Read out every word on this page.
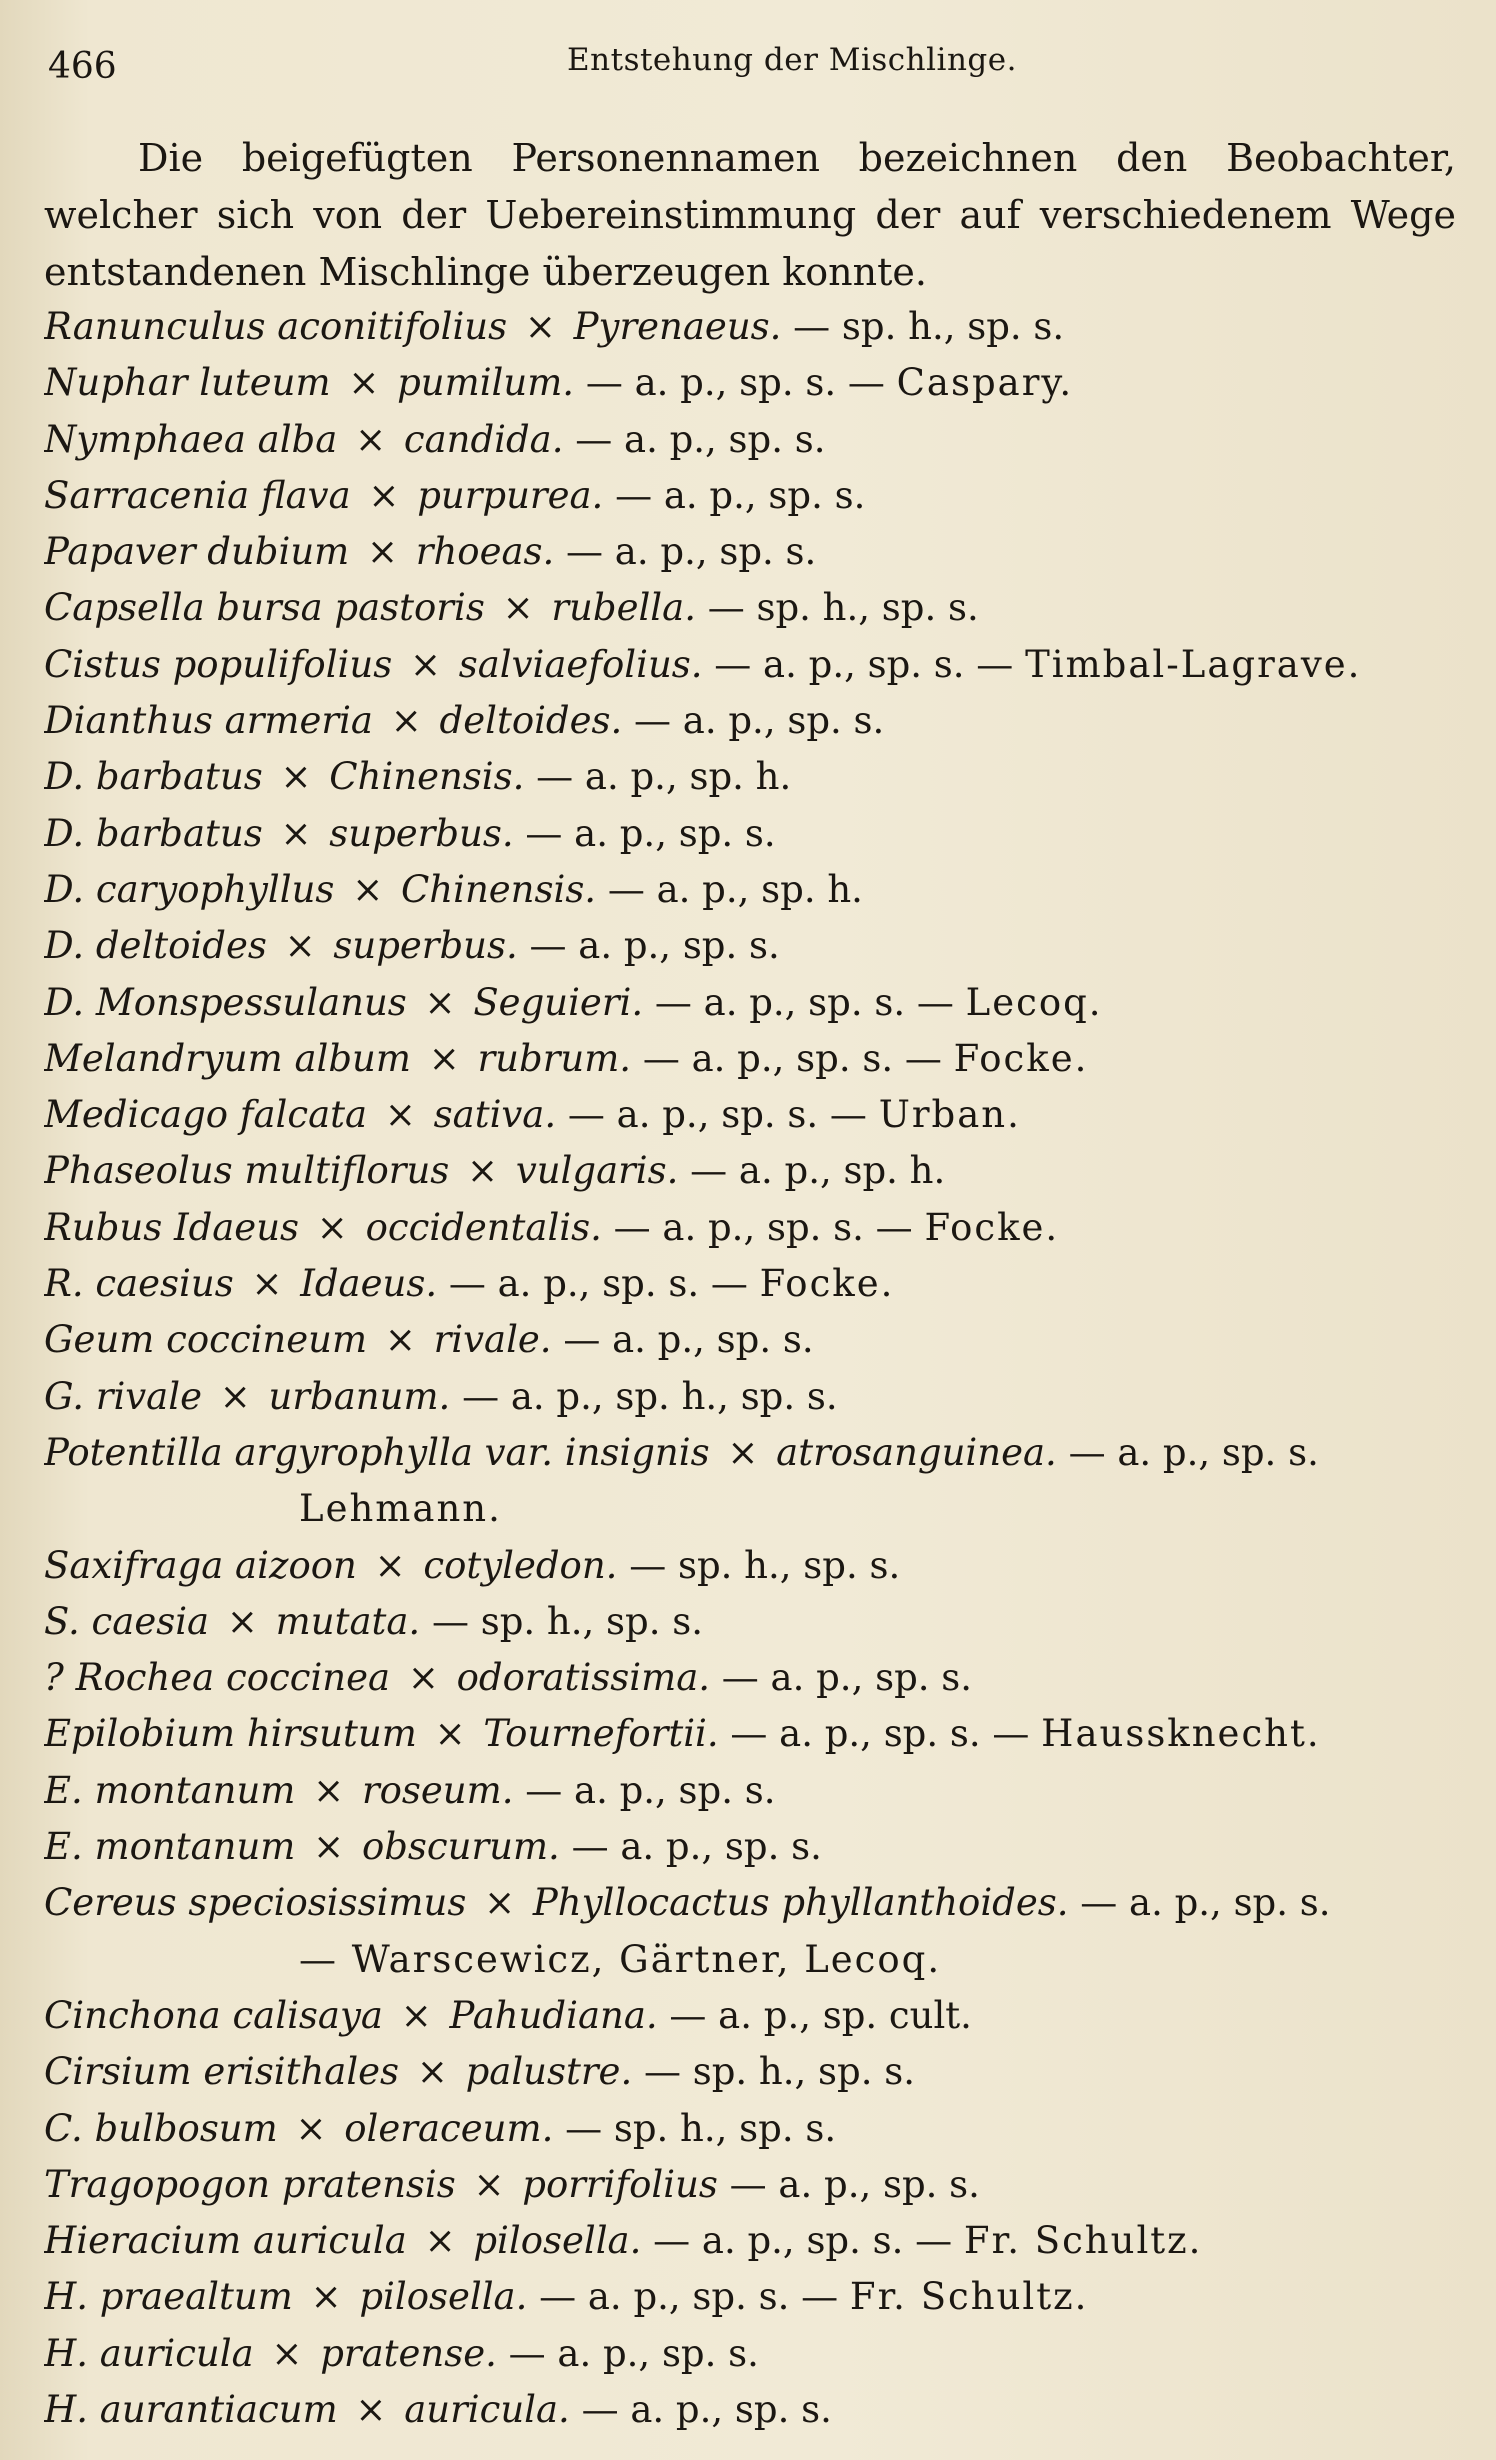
466	Entstehung der Mischlinge.

Die beigefügten Personennamen bezeichnen den Beobachter, welcher sich von der Uebereinstimmung der auf verschiedenem Wege entstandenen Mischlinge überzeugen konnte.

Ranunculus aconitifolius × Pyrenaeus. — sp. h., sp. s.
Nuphar luteum × pumilum. — a. p., sp. s. — Caspary.
Nymphaea alba × candida. — a. p., sp. s.
Sarracenia flava × purpurea. — a. p., sp. s.
Papaver dubium × rhoeas. — a. p., sp. s.
Capsella bursa pastoris × rubella. — sp. h., sp. s.
Cistus populifolius × salviaefolius. — a. p., sp. s. — Timbal-Lagrave.
Dianthus armeria × deltoides. — a. p., sp. s.
D. barbatus × Chinensis. — a. p., sp. h.
D. barbatus × superbus. — a. p., sp. s.
D. caryophyllus × Chinensis. — a. p., sp. h.
D. deltoides × superbus. — a. p., sp. s.
D. Monspessulanus × Seguieri. — a. p., sp. s. — Lecoq.
Melandryum album × rubrum. — a. p., sp. s. — Focke.
Medicago falcata × sativa. — a. p., sp. s. — Urban.
Phaseolus multiflorus × vulgaris. — a. p., sp. h.
Rubus Idaeus × occidentalis. — a. p., sp. s. — Focke.
R. caesius × Idaeus. — a. p., sp. s. — Focke.
Geum coccineum × rivale. — a. p., sp. s.
G. rivale × urbanum. — a. p., sp. h., sp. s.
Potentilla argyrophylla var. insignis × atrosanguinea. — a. p., sp. s.
Lehmann.
Saxifraga aizoon × cotyledon. — sp. h., sp. s.
S. caesia × mutata. — sp. h., sp. s.
? Rochea coccinea × odoratissima. — a. p., sp. s.
Epilobium hirsutum × Tournefortii. — a. p., sp. s. — Haussknecht.
E. montanum × roseum. — a. p., sp. s.
E. montanum × obscurum. — a. p., sp. s.
Cereus speciosissimus × Phyllocactus phyllanthoides. — a. p., sp. s.
— Warscewicz, Gärtner, Lecoq.
Cinchona calisaya × Pahudiana. — a. p., sp. cult.
Cirsium erisithales × palustre. — sp. h., sp. s.
C. bulbosum × oleraceum. — sp. h., sp. s.
Tragopogon pratensis × porrifolius — a. p., sp. s.
Hieracium auricula × pilosella. — a. p., sp. s. — Fr. Schultz.
H. praealtum × pilosella. — a. p., sp. s. — Fr. Schultz.
H. auricula × pratense. — a. p., sp. s.
H. aurantiacum × auricula. — a. p., sp. s.
